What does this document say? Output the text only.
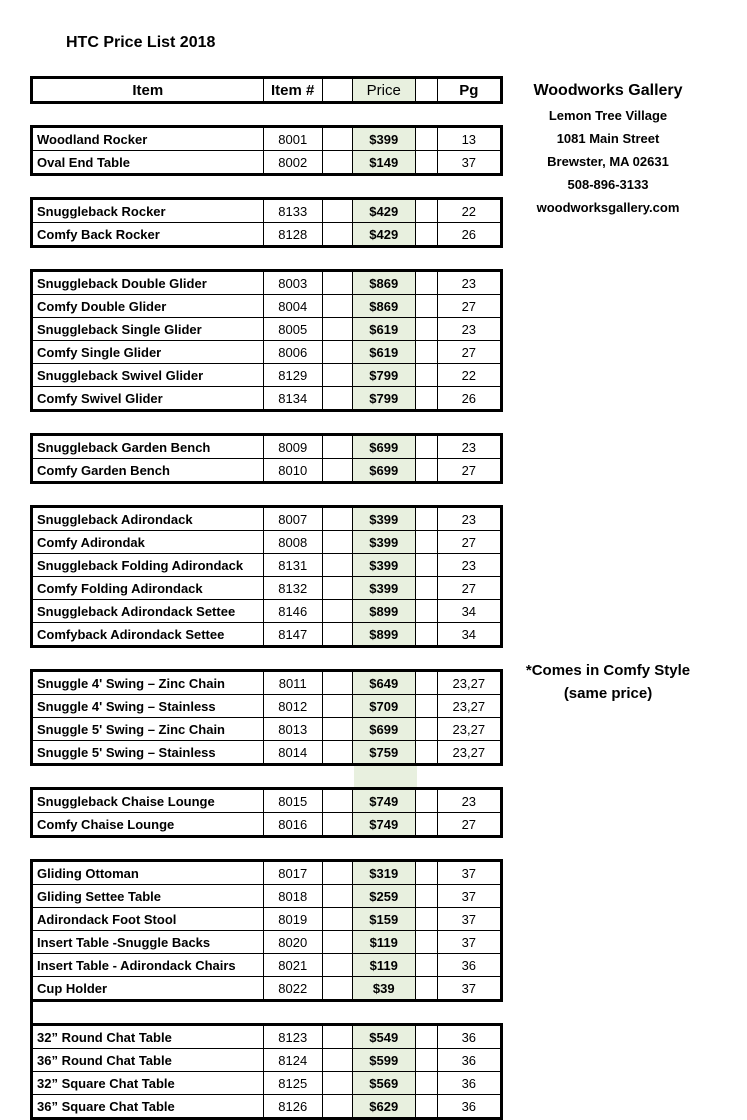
HTC Price List 2018
Item	Item #	Price	Pg
Woodland Rocker	8001	$399	13
Oval End Table	8002	$149	37
Snuggleback Rocker	8133	$429	22
Comfy Back Rocker	8128	$429	26
Snuggleback Double Glider	8003	$869	23
Comfy Double Glider	8004	$869	27
Snuggleback Single Glider	8005	$619	23
Comfy Single Glider	8006	$619	27
Snuggleback Swivel Glider	8129	$799	22
Comfy Swivel Glider	8134	$799	26
Snuggleback Garden Bench	8009	$699	23
Comfy Garden Bench	8010	$699	27
Snuggleback Adirondack	8007	$399	23
Comfy Adirondak	8008	$399	27
Snuggleback Folding Adirondack	8131	$399	23
Comfy Folding Adirondack	8132	$399	27
Snuggleback Adirondack Settee	8146	$899	34
Comfyback Adirondack Settee	8147	$899	34
Snuggle 4' Swing – Zinc Chain	8011	$649	23,27
Snuggle 4' Swing – Stainless	8012	$709	23,27
Snuggle 5' Swing – Zinc Chain	8013	$699	23,27
Snuggle 5' Swing – Stainless	8014	$759	23,27
Snuggleback Chaise Lounge	8015	$749	23
Comfy Chaise Lounge	8016	$749	27
Gliding Ottoman	8017	$319	37
Gliding Settee Table	8018	$259	37
Adirondack Foot Stool	8019	$159	37
Insert Table -Snuggle Backs	8020	$119	37
Insert Table - Adirondack Chairs	8021	$119	36
Cup Holder	8022	$39	37
32” Round Chat Table	8123	$549	36
36” Round Chat Table	8124	$599	36
32” Square Chat Table	8125	$569	36
36” Square Chat Table	8126	$629	36
Woodworks Gallery
Lemon Tree Village
1081 Main Street
Brewster, MA 02631
508-896-3133
woodworksgallery.com
*Comes in Comfy Style
(same price)
